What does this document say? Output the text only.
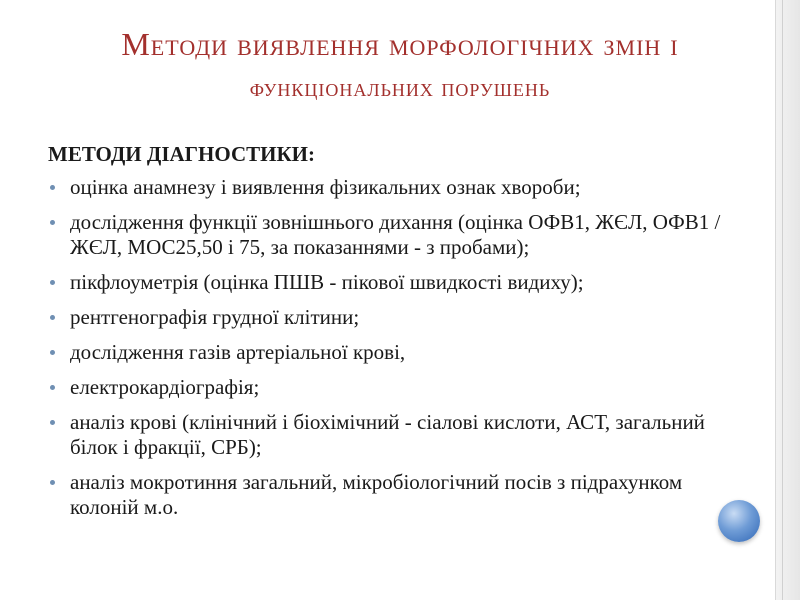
Методи виявлення морфологічних змін і
функціональних порушень
МЕТОДИ ДІАГНОСТИКИ:
оцінка анамнезу і виявлення фізикальних ознак хвороби;
дослідження функції зовнішнього дихання (оцінка ОФВ1, ЖЄЛ, ОФВ1 / ЖЄЛ, МОС25,50 і 75, за показаннями - з пробами);
пікфлоуметрія (оцінка ПШВ - пікової швидкості видиху);
рентгенографія грудної клітини;
дослідження газів артеріальної крові,
електрокардіографія;
аналіз крові (клінічний і біохімічний - сіалові кислоти, АСТ, загальний білок і фракції, СРБ);
аналіз мокротиння загальний, мікробіологічний посів з підрахунком колоній м.о.
